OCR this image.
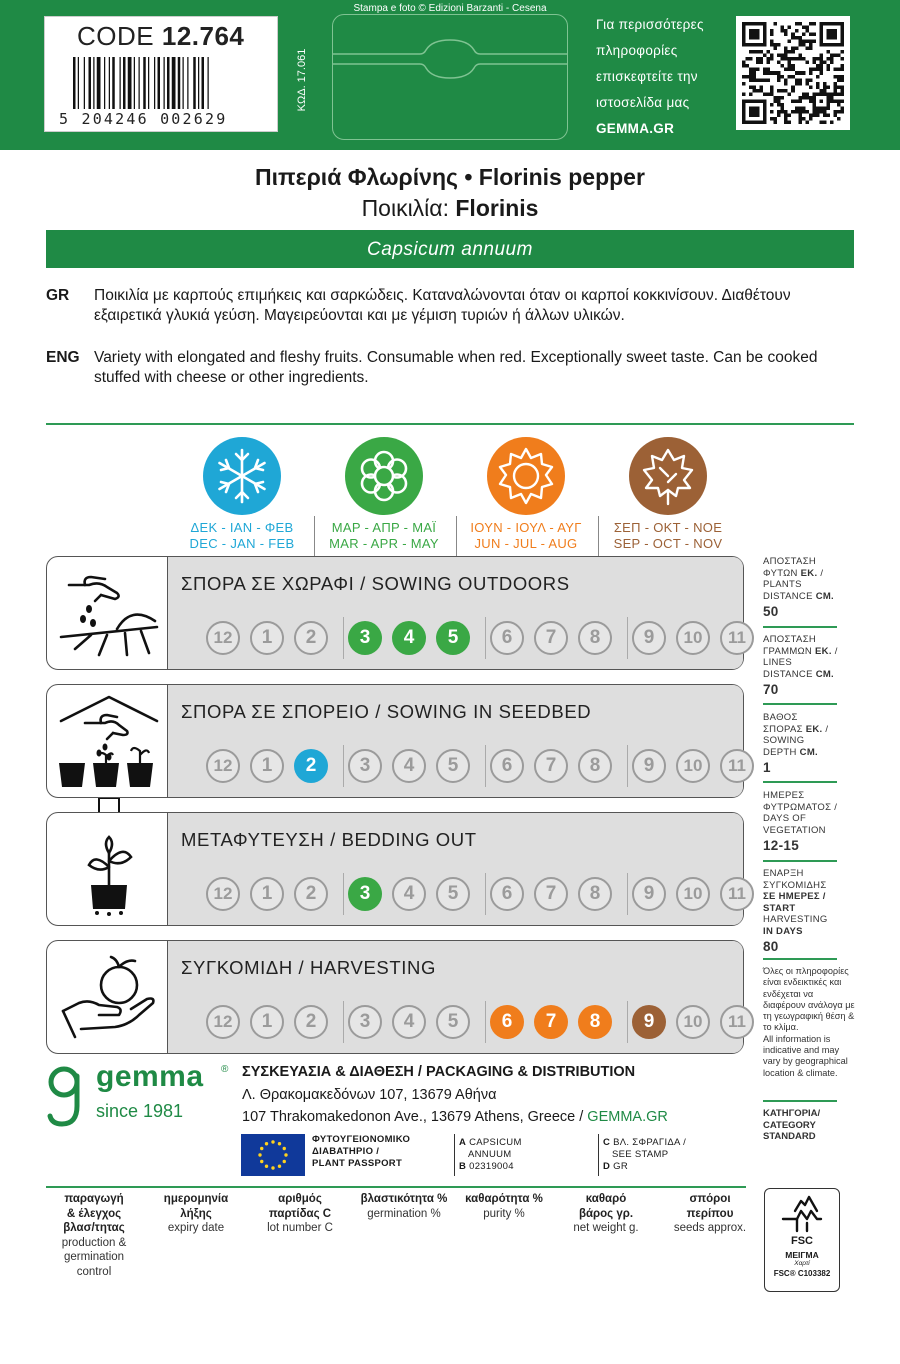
CODE 12.764
5 204246 002629
ΚΩΔ. 17.061
Stampa e foto © Edizioni Barzanti - Cesena
Για περισσότερες
πληροφορίες
επισκεφτείτε την
ιστοσελίδα μας
GEMMA.GR
Πιπεριά Φλωρίνης • Florinis pepper
Ποικιλία: Florinis
Capsicum annuum
GR Ποικιλία με καρπούς επιμήκεις και σαρκώδεις. Καταναλώνονται όταν οι καρποί κοκκινίσουν. Διαθέτουν εξαιρετικά γλυκιά γεύση. Μαγειρεύονται και με γέμιση τυριών ή άλλων υλικών.
ENG Variety with elongated and fleshy fruits. Consumable when red. Exceptionally sweet taste. Can be cooked stuffed with cheese or other ingredients.
ΔΕΚ - ΙΑΝ - ΦΕΒ
DEC - JAN - FEB
ΜΑΡ - ΑΠΡ - ΜΑΪ
MAR - APR - MAY
ΙΟΥΝ - ΙΟΥΛ - ΑΥΓ
JUN - JUL - AUG
ΣΕΠ - ΟΚΤ - ΝΟΕ
SEP - OCT - NOV
ΣΠΟΡΑ ΣΕ ΧΩΡΑΦΙ / SOWING OUTDOORS
12	1	2	3	4	5	6	7	8	9	10	11
ΣΠΟΡΑ ΣΕ ΣΠΟΡΕΙΟ / SOWING IN SEEDBED
12	1	2	3	4	5	6	7	8	9	10	11
ΜΕΤΑΦΥΤΕΥΣΗ / BEDDING OUT
12	1	2	3	4	5	6	7	8	9	10	11
ΣΥΓΚΟΜΙΔΗ / HARVESTING
12	1	2	3	4	5	6	7	8	9	10	11
ΑΠΟΣΤΑΣΗ
ΦΥΤΩΝ ΕΚ. /
PLANTS
DISTANCE CM.
50
ΑΠΟΣΤΑΣΗ
ΓΡΑΜΜΩΝ ΕΚ. /
LINES
DISTANCE CM.
70
ΒΑΘΟΣ
ΣΠΟΡΑΣ ΕΚ. /
SOWING
DEPTH CM.
1
ΗΜΕΡΕΣ
ΦΥΤΡΩΜΑΤΟΣ /
DAYS OF
VEGETATION
12-15
ΕΝΑΡΞΗ
ΣΥΓΚΟΜΙΔΗΣ
ΣΕ ΗΜΕΡΕΣ / START
HARVESTING
IN DAYS
80
Όλες οι πληροφορίες είναι ενδεικτικές και ενδέχεται να διαφέρουν ανάλογα με τη γεωγραφική θέση & το κλίμα.
All information is indicative and may vary by geographical location & climate.
ΚΑΤΗΓΟΡΙΑ/
CATEGORY
STANDARD
gemma ®
since 1981
ΣΥΣΚΕΥΑΣΙΑ & ΔΙΑΘΕΣΗ / PACKAGING & DISTRIBUTION
Λ. Θρακομακεδόνων 107, 13679 Αθήνα
107 Thrakomakedonon Ave., 13679 Athens, Greece / GEMMA.GR
ΦΥΤΟΥΓΕΙΟΝΟΜΙΚΟ
ΔΙΑΒΑΤΗΡΙΟ /
PLANT PASSPORT
A CAPSICUM
ANNUUM
B 02319004
C ΒΛ. ΣΦΡΑΓΙΔΑ /
SEE STAMP
D GR
παραγωγή
& έλεγχος
βλασ/τητας
production &
germination
control
ημερομηνία
λήξης
expiry date
αριθμός
παρτίδας C
lot number C
βλαστικότητα %
germination %
καθαρότητα %
purity %
καθαρό
βάρος γρ.
net weight g.
σπόροι
περίπου
seeds approx.
FSC
ΜΕΙΓΜΑ
Χαρτί
FSC® C103382
